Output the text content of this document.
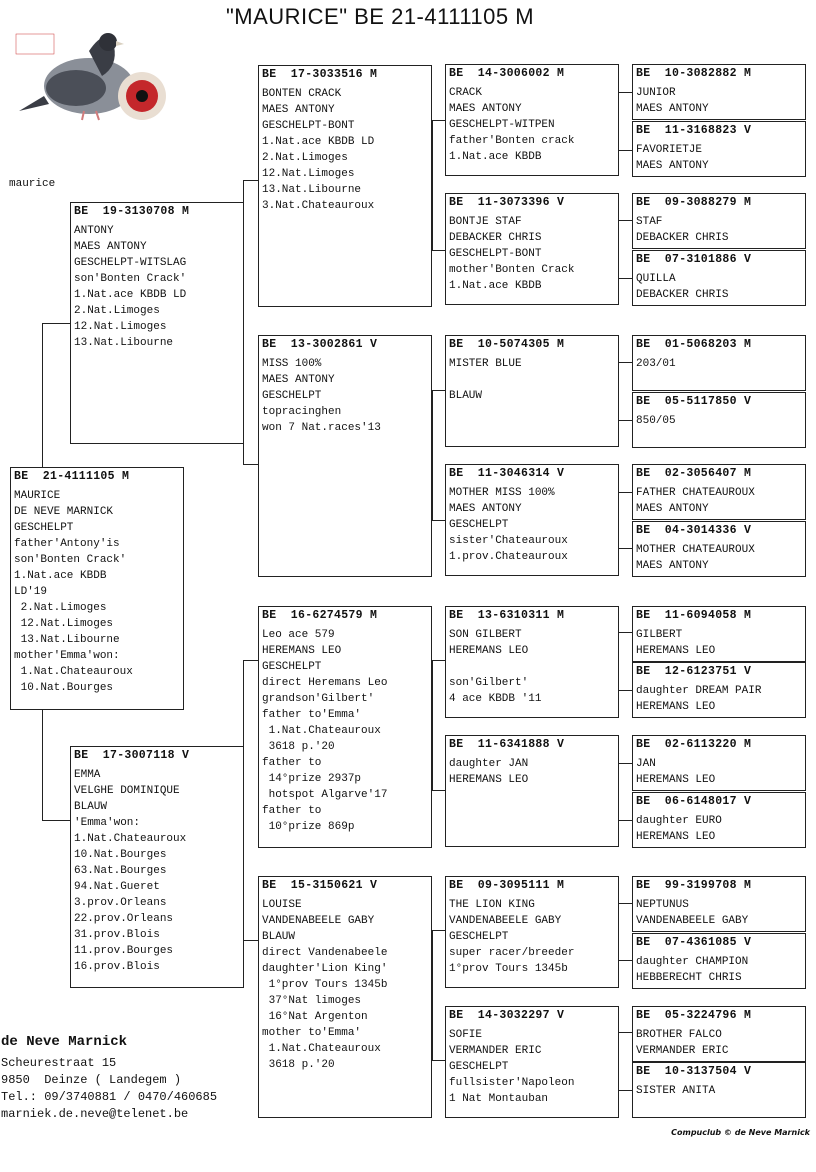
"MAURICE" BE 21-4111105 M
maurice
BE  21-4111105 M
MAURICE
DE NEVE MARNICK
GESCHELPT
father'Antony'is
son'Bonten Crack'
1.Nat.ace KBDB
LD'19
2.Nat.Limoges
12.Nat.Limoges
13.Nat.Libourne
mother'Emma'won:
1.Nat.Chateauroux
10.Nat.Bourges
BE  19-3130708 M
ANTONY
MAES ANTONY
GESCHELPT-WITSLAG
son'Bonten Crack'
1.Nat.ace KBDB LD
2.Nat.Limoges
12.Nat.Limoges
13.Nat.Libourne
BE  17-3007118 V
EMMA
VELGHE DOMINIQUE
BLAUW
'Emma'won:
1.Nat.Chateauroux
10.Nat.Bourges
63.Nat.Bourges
94.Nat.Gueret
3.prov.Orleans
22.prov.Orleans
31.prov.Blois
11.prov.Bourges
16.prov.Blois
BE  17-3033516 M
BONTEN CRACK
MAES ANTONY
GESCHELPT-BONT
1.Nat.ace KBDB LD
2.Nat.Limoges
12.Nat.Limoges
13.Nat.Libourne
3.Nat.Chateauroux
BE  13-3002861 V
MISS 100%
MAES ANTONY
GESCHELPT
topracinghen
won 7 Nat.races'13
BE  16-6274579 M
Leo ace 579
HEREMANS LEO
GESCHELPT
direct Heremans Leo
grandson'Gilbert'
father to'Emma'
1.Nat.Chateauroux
3618 p.'20
father to
14°prize 2937p
hotspot Algarve'17
father to
10°prize 869p
BE  15-3150621 V
LOUISE
VANDENABEELE GABY
BLAUW
direct Vandenabeele
daughter'Lion King'
1°prov Tours 1345b
37°Nat limoges
16°Nat Argenton
mother to'Emma'
1.Nat.Chateauroux
3618 p.'20
BE  14-3006002 M
CRACK
MAES ANTONY
GESCHELPT-WITPEN
father'Bonten crack
1.Nat.ace KBDB
BE  11-3073396 V
BONTJE STAF
DEBACKER CHRIS
GESCHELPT-BONT
mother'Bonten Crack
1.Nat.ace KBDB
BE  10-5074305 M
MISTER BLUE

BLAUW
BE  11-3046314 V
MOTHER MISS 100%
MAES ANTONY
GESCHELPT
sister'Chateauroux
1.prov.Chateauroux
BE  13-6310311 M
SON GILBERT
HEREMANS LEO

son'Gilbert'
4 ace KBDB '11
BE  11-6341888 V
daughter JAN
HEREMANS LEO
BE  09-3095111 M
THE LION KING
VANDENABEELE GABY
GESCHELPT
super racer/breeder
1°prov Tours 1345b
BE  14-3032297 V
SOFIE
VERMANDER ERIC
GESCHELPT
fullsister'Napoleon
1 Nat Montauban
BE  10-3082882 M
JUNIOR
MAES ANTONY
BE  11-3168823 V
FAVORIETJE
MAES ANTONY
BE  09-3088279 M
STAF
DEBACKER CHRIS
BE  07-3101886 V
QUILLA
DEBACKER CHRIS
BE  01-5068203 M
203/01
BE  05-5117850 V
850/05
BE  02-3056407 M
FATHER CHATEAUROUX
MAES ANTONY
BE  04-3014336 V
MOTHER CHATEAUROUX
MAES ANTONY
BE  11-6094058 M
GILBERT
HEREMANS LEO
BE  12-6123751 V
daughter DREAM PAIR
HEREMANS LEO
BE  02-6113220 M
JAN
HEREMANS LEO
BE  06-6148017 V
daughter EURO
HEREMANS LEO
BE  99-3199708 M
NEPTUNUS
VANDENABEELE GABY
BE  07-4361085 V
daughter CHAMPION
HEBBERECHT CHRIS
BE  05-3224796 M
BROTHER FALCO
VERMANDER ERIC
BE  10-3137504 V
SISTER ANITA
de Neve Marnick
Scheurestraat 15
9850  Deinze ( Landegem )
Tel.: 09/3740881 / 0470/460685
marniek.de.neve@telenet.be
Compuclub © de Neve Marnick
